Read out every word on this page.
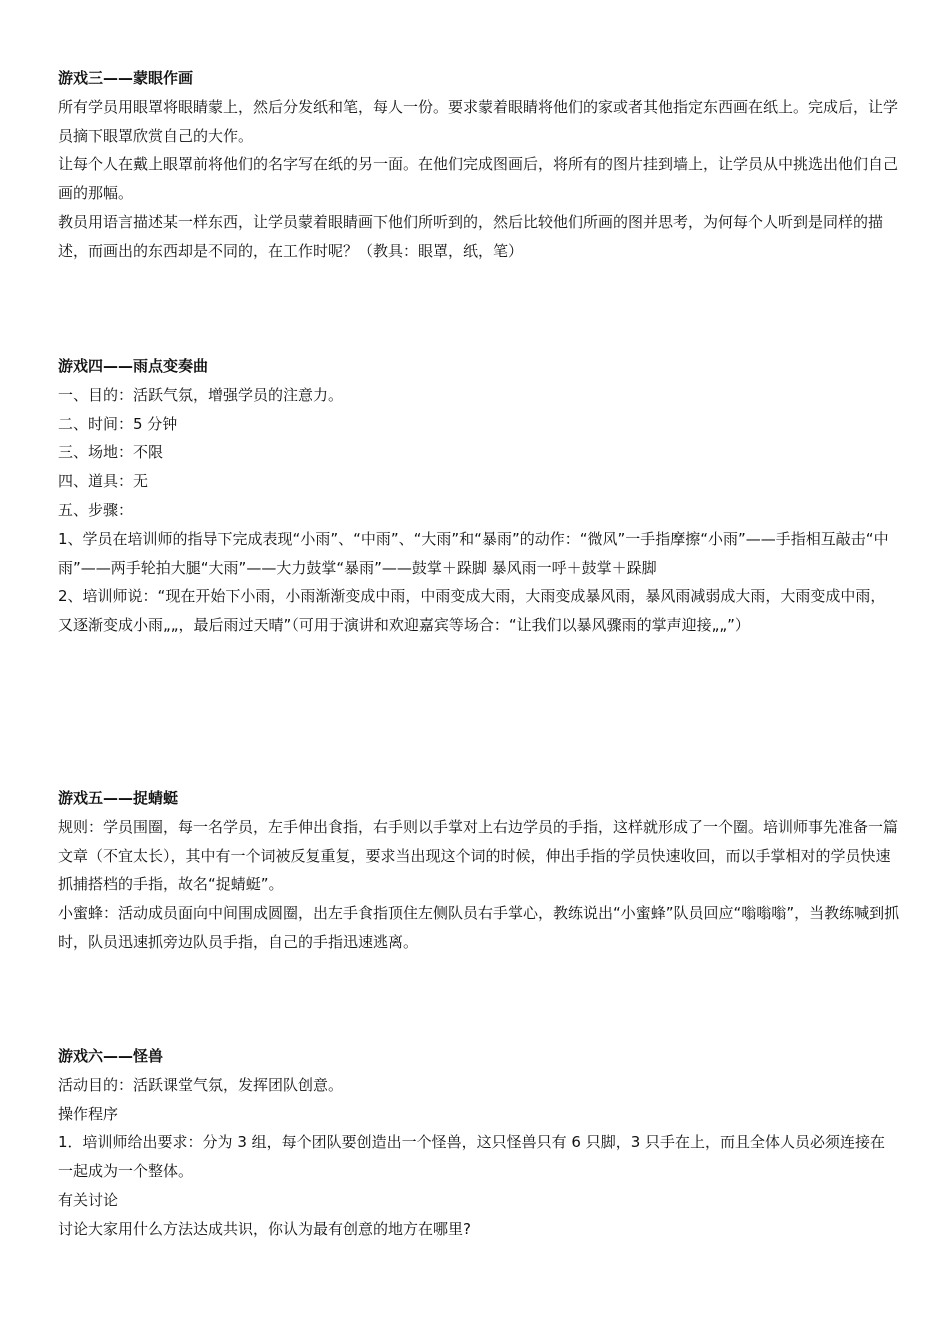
游戏三——蒙眼作画

所有学员用眼罩将眼睛蒙上，然后分发纸和笔，每人一份。要求蒙着眼睛将他们的家或者其他指定东西画在纸上。完成后，让学员摘下眼罩欣赏自己的大作。

让每个人在戴上眼罩前将他们的名字写在纸的另一面。在他们完成图画后，将所有的图片挂到墙上，让学员从中挑选出他们自己画的那幅。

教员用语言描述某一样东西，让学员蒙着眼睛画下他们所听到的，然后比较他们所画的图并思考，为何每个人听到是同样的描述，而画出的东西却是不同的，在工作时呢？（教具：眼罩，纸，笔）

游戏四——雨点变奏曲

一、目的：活跃气氛，增强学员的注意力。

二、时间：5 分钟

三、场地：不限

四、道具：无

五、步骤：

1、学员在培训师的指导下完成表现“小雨”、“中雨”、“大雨”和“暴雨”的动作：“微风”一手指摩擦“小雨”——手指相互敲击“中雨”——两手轮拍大腿“大雨”——大力鼓掌“暴雨”——鼓掌＋跺脚 暴风雨一呼＋鼓掌＋跺脚

2、培训师说：“现在开始下小雨，小雨渐渐变成中雨，中雨变成大雨，大雨变成暴风雨，暴风雨减弱成大雨，大雨变成中雨，又逐渐变成小雨„„，最后雨过天晴”（可用于演讲和欢迎嘉宾等场合：“让我们以暴风骤雨的掌声迎接„„”）

游戏五——捉蜻蜓

规则：学员围圈，每一名学员，左手伸出食指，右手则以手掌对上右边学员的手指，这样就形成了一个圈。培训师事先准备一篇文章（不宜太长），其中有一个词被反复重复，要求当出现这个词的时候，伸出手指的学员快速收回，而以手掌相对的学员快速抓捕搭档的手指，故名“捉蜻蜓”。

小蜜蜂：活动成员面向中间围成圆圈，出左手食指顶住左侧队员右手掌心，教练说出“小蜜蜂”队员回应“嗡嗡嗡”，当教练喊到抓时，队员迅速抓旁边队员手指，自己的手指迅速逃离。

游戏六——怪兽

活动目的：活跃课堂气氛，发挥团队创意。

操作程序

1．培训师给出要求：分为 3 组，每个团队要创造出一个怪兽，这只怪兽只有 6 只脚，3 只手在上，而且全体人员必须连接在一起成为一个整体。

有关讨论

讨论大家用什么方法达成共识，你认为最有创意的地方在哪里?
